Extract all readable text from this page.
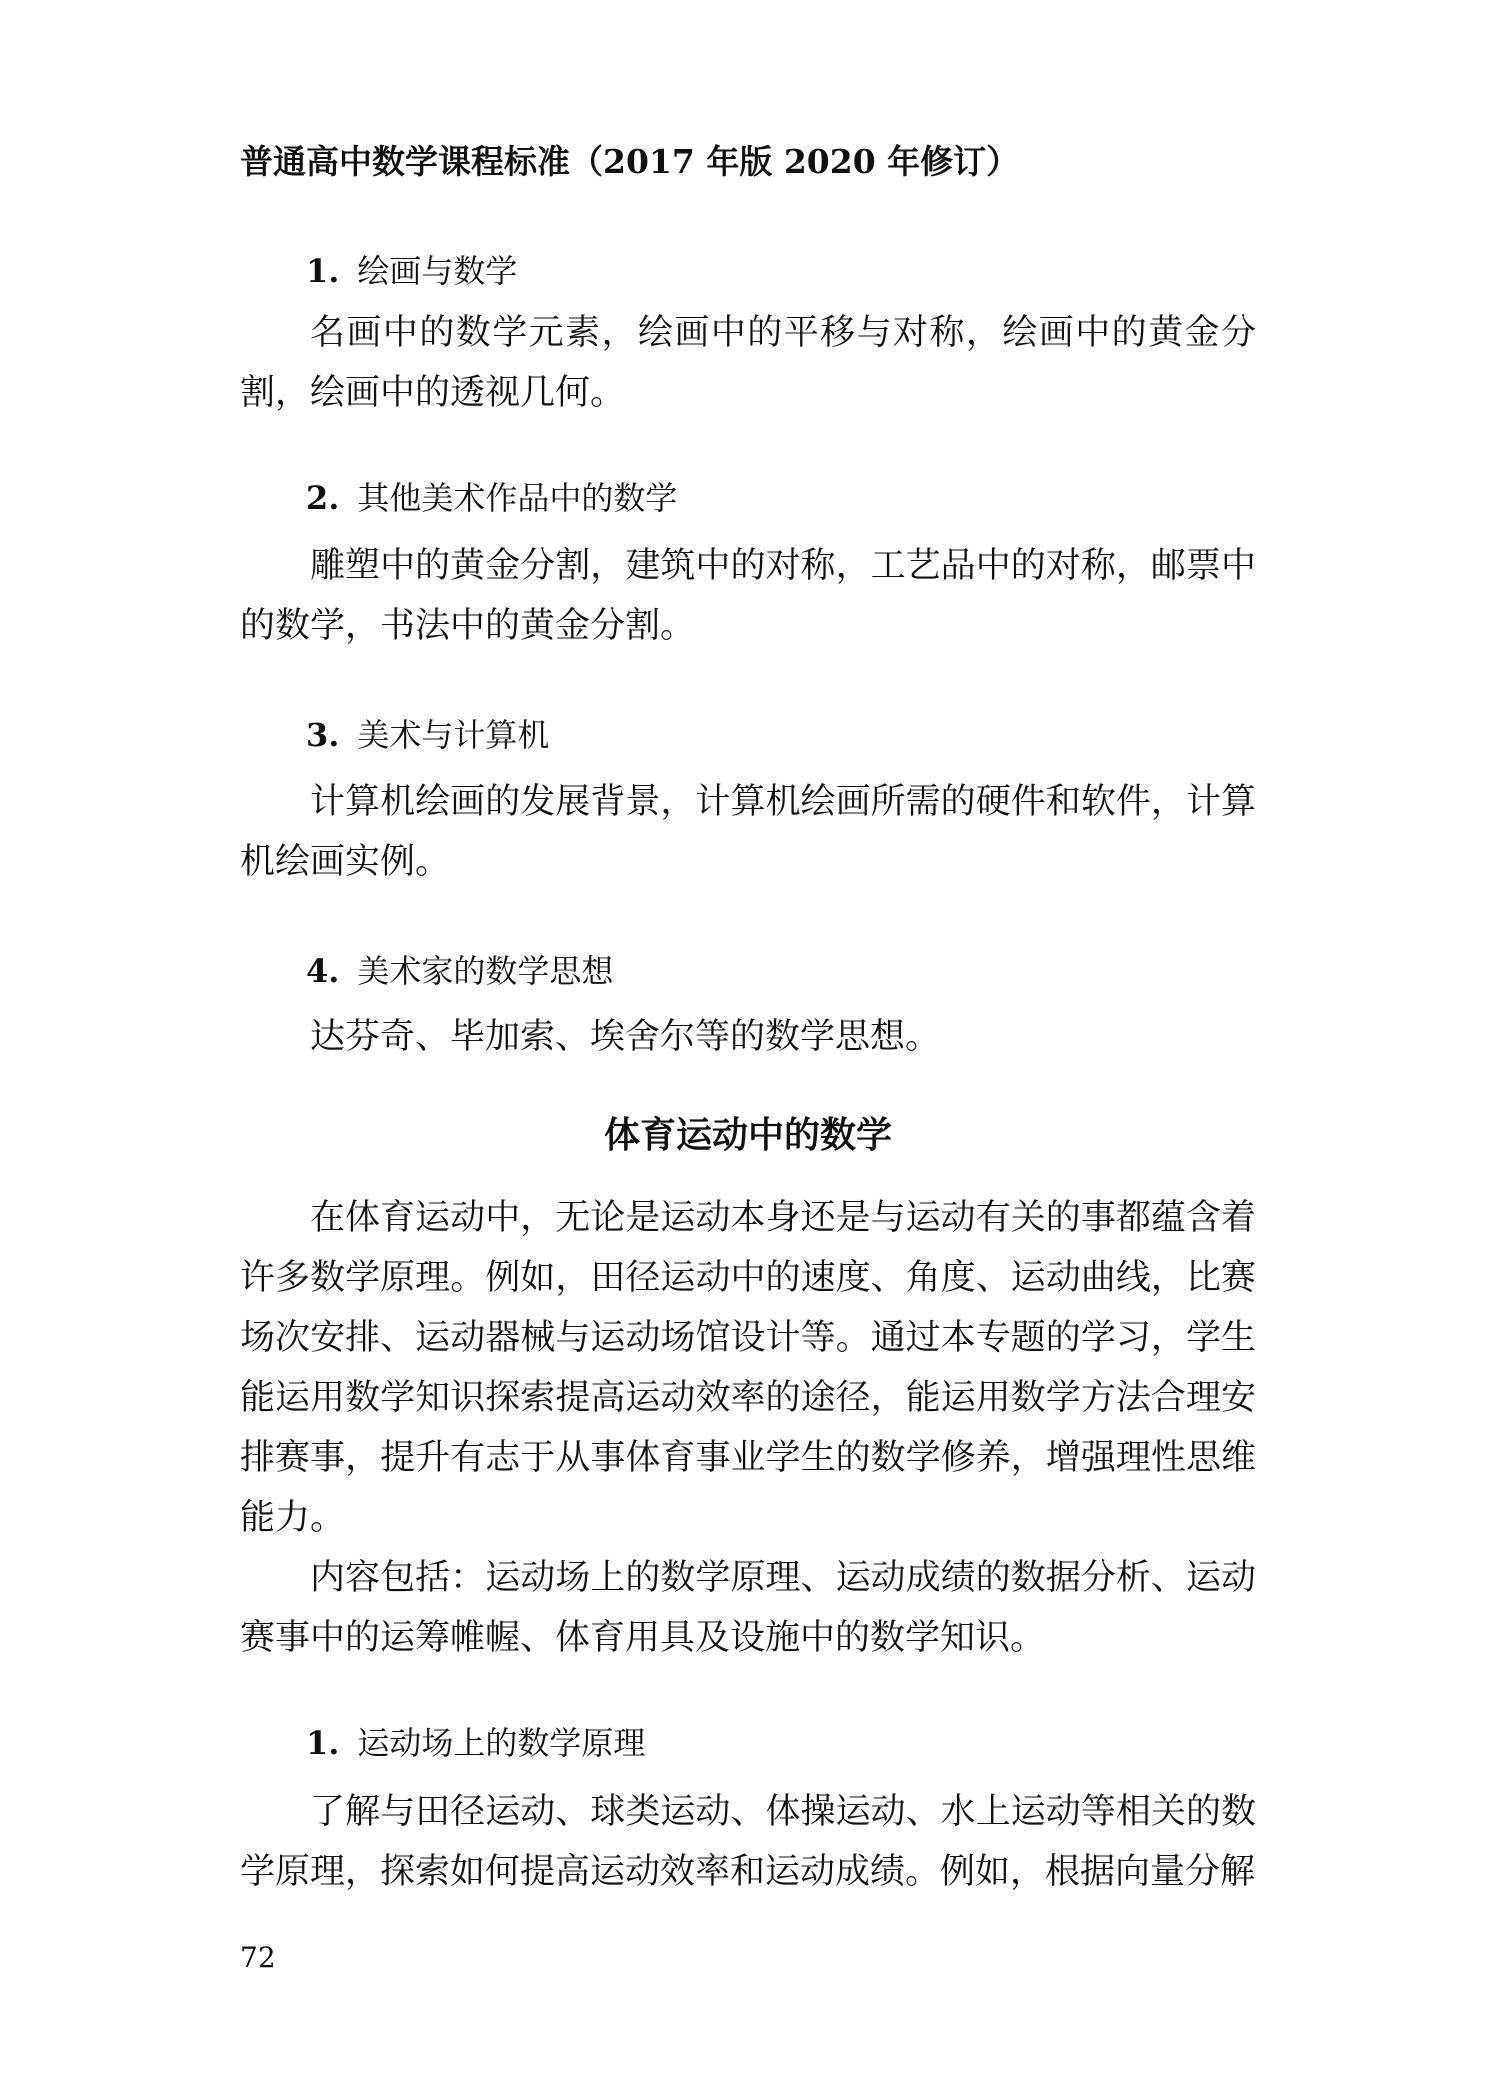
普通高中数学课程标准（2017 年版 2020 年修订）
1. 绘画与数学

名画中的数学元素，绘画中的平移与对称，绘画中的黄金分割，绘画中的透视几何。

2. 其他美术作品中的数学

雕塑中的黄金分割，建筑中的对称，工艺品中的对称，邮票中的数学，书法中的黄金分割。

3. 美术与计算机

计算机绘画的发展背景，计算机绘画所需的硬件和软件，计算机绘画实例。

4. 美术家的数学思想

达芬奇、毕加索、埃舍尔等的数学思想。

体育运动中的数学

在体育运动中，无论是运动本身还是与运动有关的事都蕴含着许多数学原理。例如，田径运动中的速度、角度、运动曲线，比赛场次安排、运动器械与运动场馆设计等。通过本专题的学习，学生能运用数学知识探索提高运动效率的途径，能运用数学方法合理安排赛事，提升有志于从事体育事业学生的数学修养，增强理性思维能力。

内容包括：运动场上的数学原理、运动成绩的数据分析、运动赛事中的运筹帷幄、体育用具及设施中的数学知识。

1. 运动场上的数学原理

了解与田径运动、球类运动、体操运动、水上运动等相关的数学原理，探索如何提高运动效率和运动成绩。例如，根据向量分解

72
